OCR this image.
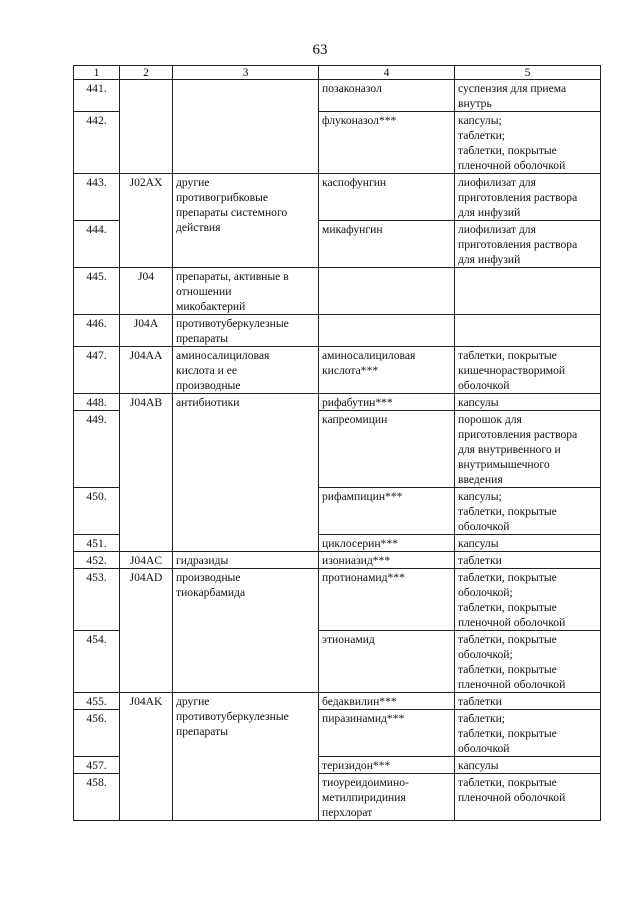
63
1	2	3	4	5
441.			позаконазол	суспензия для приема
внутрь

442.			флуконазол***	капсулы;
таблетки;
таблетки, покрытые
пленочной оболочкой

443.	J02AX	другие
противогрибковые
препараты системного
действия	каспофунгин	лиофилизат для
приготовления раствора
для инфузий

444.			микафунгин	лиофилизат для
приготовления раствора
для инфузий

445.	J04	препараты, активные в
отношении
микобактерий		

446.	J04A	противотуберкулезные
препараты		

447.	J04AA	аминосалициловая
кислота и ее
производные	аминосалициловая кислота***	таблетки, покрытые
кишечнорастворимой
оболочкой

448.	J04AB	антибиотики	рифабутин***	капсулы

449.			капреомицин	порошок для
приготовления раствора
для внутривенного и
внутримышечного
введения

450.			рифампицин***	капсулы;
таблетки, покрытые
оболочкой

451.			циклосерин***	капсулы

452.	J04AC	гидразиды	изониазид***	таблетки

453.	J04AD	производные
тиокарбамида	протионамид***	таблетки, покрытые
оболочкой;
таблетки, покрытые
пленочной оболочкой

454.			этионамид	таблетки, покрытые
оболочкой;
таблетки, покрытые
пленочной оболочкой

455.	J04AK	другие
противотуберкулезные
препараты	бедаквилин***	таблетки

456.			пиразинамид***	таблетки;
таблетки, покрытые
оболочкой

457.			теризидон***	капсулы

458.			тиоуреидоимино-метилпиридиния перхлорат	таблетки, покрытые
пленочной оболочкой
